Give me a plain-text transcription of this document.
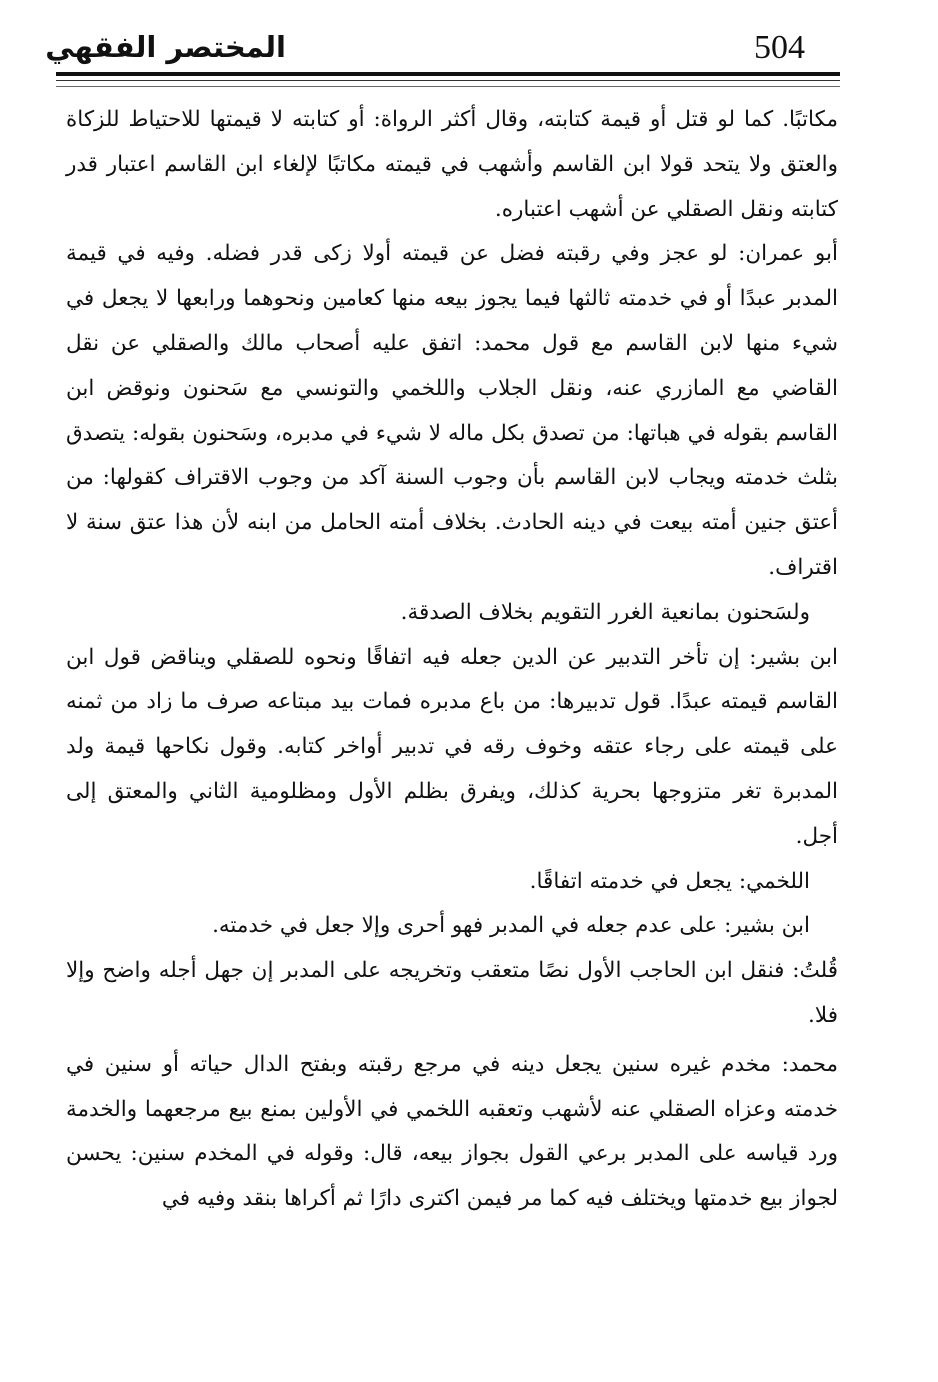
504
المختصر الفقهي

مكاتبًا. كما لو قتل أو قيمة كتابته، وقال أكثر الرواة: أو كتابته لا قيمتها للاحتياط للزكاة والعتق ولا يتحد قولا ابن القاسم وأشهب في قيمته مكاتبًا لإلغاء ابن القاسم اعتبار قدر كتابته ونقل الصقلي عن أشهب اعتباره.

أبو عمران: لو عجز وفي رقبته فضل عن قيمته أولا زكى قدر فضله. وفيه في قيمة المدبر عبدًا أو في خدمته ثالثها فيما يجوز بيعه منها كعامين ونحوهما ورابعها لا يجعل في شيء منها لابن القاسم مع قول محمد: اتفق عليه أصحاب مالك والصقلي عن نقل القاضي مع المازري عنه، ونقل الجلاب واللخمي والتونسي مع سَحنون ونوقض ابن القاسم بقوله في هباتها: من تصدق بكل ماله لا شيء في مدبره، وسَحنون بقوله: يتصدق بثلث خدمته ويجاب لابن القاسم بأن وجوب السنة آكد من وجوب الاقتراف كقولها: من أعتق جنين أمته بيعت في دينه الحادث. بخلاف أمته الحامل من ابنه لأن هذا عتق سنة لا اقتراف.

ولسَحنون بمانعية الغرر التقويم بخلاف الصدقة.

ابن بشير: إن تأخر التدبير عن الدين جعله فيه اتفاقًا ونحوه للصقلي ويناقض قول ابن القاسم قيمته عبدًا. قول تدبيرها: من باع مدبره فمات بيد مبتاعه صرف ما زاد من ثمنه على قيمته على رجاء عتقه وخوف رقه في تدبير أواخر كتابه. وقول نكاحها قيمة ولد المدبرة تغر متزوجها بحرية كذلك، ويفرق بظلم الأول ومظلومية الثاني والمعتق إلى أجل.

اللخمي: يجعل في خدمته اتفاقًا.

ابن بشير: على عدم جعله في المدبر فهو أحرى وإلا جعل في خدمته.

قُلتُ: فنقل ابن الحاجب الأول نصًا متعقب وتخريجه على المدبر إن جهل أجله واضح وإلا فلا.

محمد: مخدم غيره سنين يجعل دينه في مرجع رقبته وبفتح الدال حياته أو سنين في خدمته وعزاه الصقلي عنه لأشهب وتعقبه اللخمي في الأولين بمنع بيع مرجعهما والخدمة ورد قياسه على المدبر برعي القول بجواز بيعه، قال: وقوله في المخدم سنين: يحسن لجواز بيع خدمتها ويختلف فيه كما مر فيمن اكترى دارًا ثم أكراها بنقد وفيه في
